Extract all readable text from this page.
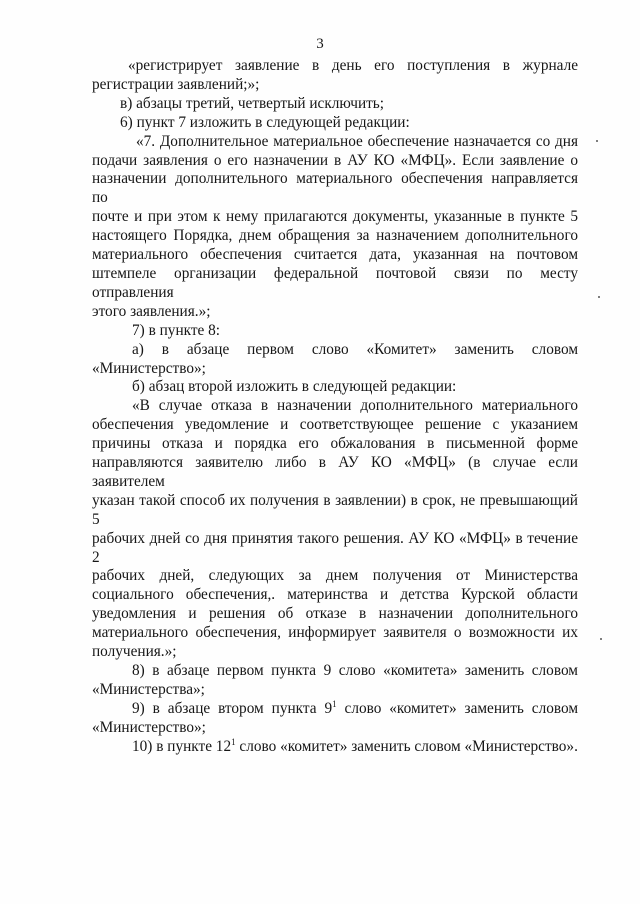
3

«регистрирует заявление в день его поступления в журнале

регистрации заявлений;»;

в) абзацы третий, четвертый исключить;

6) пункт 7 изложить в следующей редакции:

«7. Дополнительное материальное обеспечение назначается со дня

подачи заявления о его назначении в АУ КО «МФЦ». Если заявление о

назначении дополнительного материального обеспечения направляется по

почте и при этом к нему прилагаются документы, указанные в пункте 5

настоящего Порядка, днем обращения за назначением дополнительного

материального обеспечения считается дата, указанная на почтовом

штемпеле организации федеральной почтовой связи по месту отправления

этого заявления.»;

7) в пункте 8:

а) в абзаце первом слово «Комитет» заменить словом

«Министерство»;

б) абзац второй изложить в следующей редакции:

«В случае отказа в назначении дополнительного материального

обеспечения уведомление и соответствующее решение с указанием

причины отказа и порядка его обжалования в письменной форме

направляются заявителю либо в АУ КО «МФЦ» (в случае если заявителем

указан такой способ их получения в заявлении) в срок, не превышающий 5

рабочих дней со дня принятия такого решения. АУ КО «МФЦ» в течение 2

рабочих дней, следующих за днем получения от Министерства

социального обеспечения,. материнства и детства Курской области

уведомления и решения об отказе в назначении дополнительного

материального обеспечения, информирует заявителя о возможности их

получения.»;

8) в абзаце первом пункта 9 слово «комитета» заменить словом

«Министерства»;

9) в абзаце втором пункта $9^1$ слово «комитет» заменить словом

«Министерство»;

10) в пункте $12^1$ слово «комитет» заменить словом «Министерство».
